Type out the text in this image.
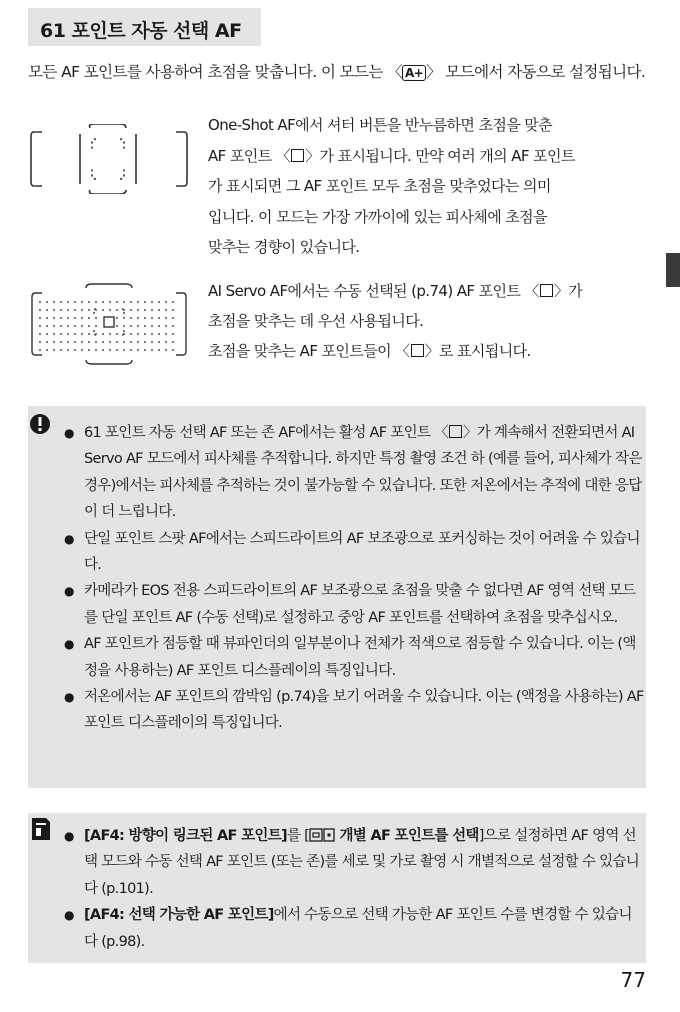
61 포인트 자동 선택 AF
모든 AF 포인트를 사용하여 초점을 맞춥니다. 이 모드는 〈 A+ 〉 모드에서 자동으로 설정됩니다.
One-Shot AF에서 셔터 버튼을 반누름하면 초점을 맞춘
AF 포인트 〈 〉가 표시됩니다. 만약 여러 개의 AF 포인트
가 표시되면 그 AF 포인트 모두 초점을 맞추었다는 의미
입니다. 이 모드는 가장 가까이에 있는 피사체에 초점을
맞추는 경향이 있습니다.
AI Servo AF에서는 수동 선택된 (p.74) AF 포인트 〈 〉가
초점을 맞추는 데 우선 사용됩니다.
초점을 맞추는 AF 포인트들이 〈 〉로 표시됩니다.
● 61 포인트 자동 선택 AF 또는 존 AF에서는 활성 AF 포인트 〈 〉가 계속해서 전환되면서 AI Servo AF 모드에서 피사체를 추적합니다. 하지만 특정 촬영 조건 하 (예를 들어, 피사체가 작은 경우)에서는 피사체를 추적하는 것이 불가능할 수 있습니다. 또한 저온에서는 추적에 대한 응답이 더 느립니다.
● 단일 포인트 스팟 AF에서는 스피드라이트의 AF 보조광으로 포커싱하는 것이 어려울 수 있습니다.
● 카메라가 EOS 전용 스피드라이트의 AF 보조광으로 초점을 맞출 수 없다면 AF 영역 선택 모드를 단일 포인트 AF (수동 선택)로 설정하고 중앙 AF 포인트를 선택하여 초점을 맞추십시오.
● AF 포인트가 점등할 때 뷰파인더의 일부분이나 전체가 적색으로 점등할 수 있습니다. 이는 (액정을 사용하는) AF 포인트 디스플레이의 특징입니다.
● 저온에서는 AF 포인트의 깜박임 (p.74)을 보기 어려울 수 있습니다. 이는 (액정을 사용하는) AF 포인트 디스플레이의 특징입니다.
● [AF4: 방향이 링크된 AF 포인트]를 [ 개별 AF 포인트를 선택]으로 설정하면 AF 영역 선택 모드와 수동 선택 AF 포인트 (또는 존)를 세로 및 가로 촬영 시 개별적으로 설정할 수 있습니다 (p.101).
● [AF4: 선택 가능한 AF 포인트]에서 수동으로 선택 가능한 AF 포인트 수를 변경할 수 있습니다 (p.98).
77
